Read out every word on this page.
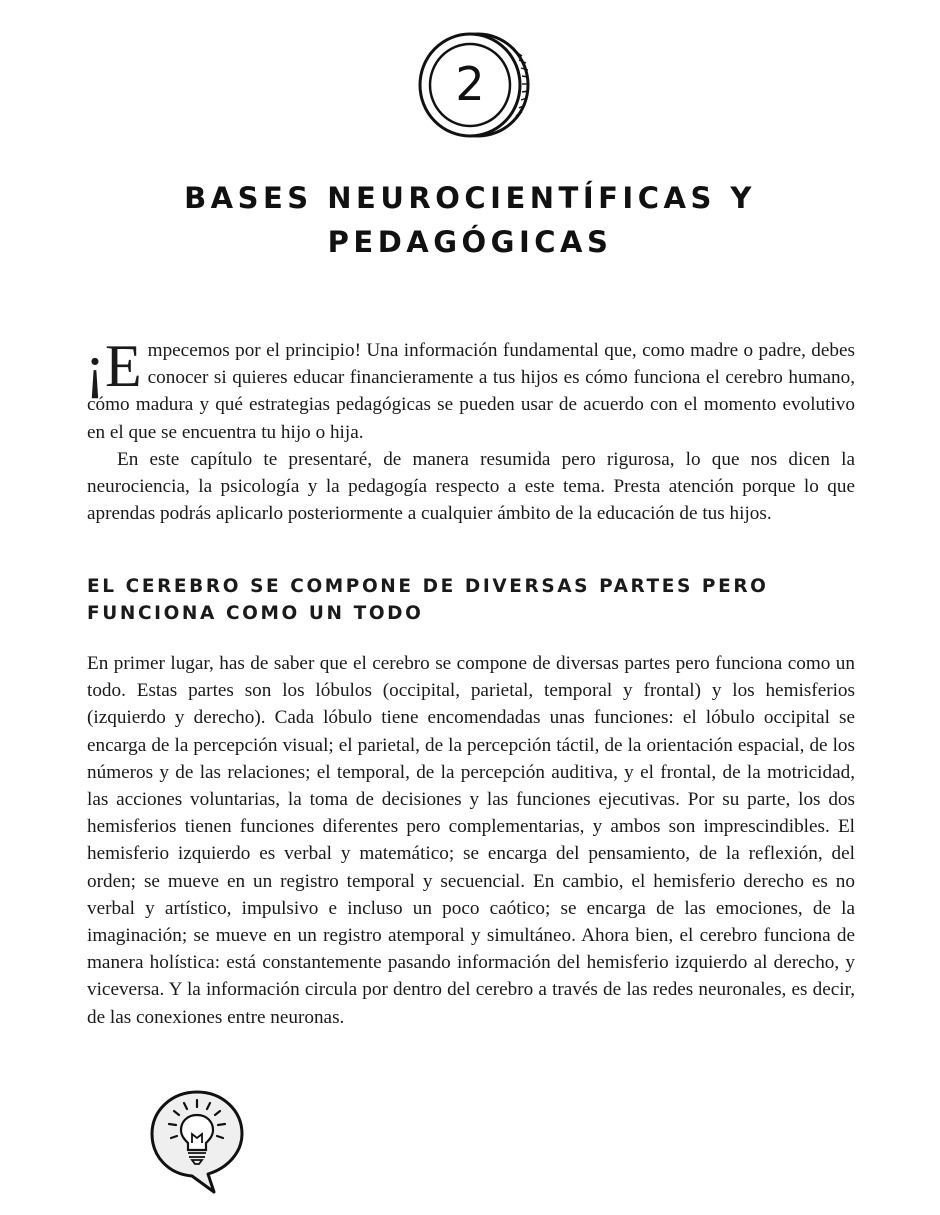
2
BASES NEUROCIENTÍFICAS Y
PEDAGÓGICAS

¡E mpecemos por el principio! Una información fundamental que, como madre o padre, debes conocer si quieres educar financieramente a tus hijos es cómo funciona el cerebro humano, cómo madura y qué estrategias pedagógicas se pueden usar de acuerdo con el momento evolutivo en el que se encuentra tu hijo o hija.

En este capítulo te presentaré, de manera resumida pero rigurosa, lo que nos dicen la neurociencia, la psicología y la pedagogía respecto a este tema. Presta atención porque lo que aprendas podrás aplicarlo posteriormente a cualquier ámbito de la educación de tus hijos.

EL CEREBRO SE COMPONE DE DIVERSAS PARTES PERO
FUNCIONA COMO UN TODO

En primer lugar, has de saber que el cerebro se compone de diversas partes pero funciona como un todo. Estas partes son los lóbulos (occipital, parietal, temporal y frontal) y los hemisferios (izquierdo y derecho). Cada lóbulo tiene encomendadas unas funciones: el lóbulo occipital se encarga de la percepción visual; el parietal, de la percepción táctil, de la orientación espacial, de los números y de las relaciones; el temporal, de la percepción auditiva, y el frontal, de la motricidad, las acciones voluntarias, la toma de decisiones y las funciones ejecutivas. Por su parte, los dos hemisferios tienen funciones diferentes pero complementarias, y ambos son imprescindibles. El hemisferio izquierdo es verbal y matemático; se encarga del pensamiento, de la reflexión, del orden; se mueve en un registro temporal y secuencial. En cambio, el hemisferio derecho es no verbal y artístico, impulsivo e incluso un poco caótico; se encarga de las emociones, de la imaginación; se mueve en un registro atemporal y simultáneo. Ahora bien, el cerebro funciona de manera holística: está constantemente pasando información del hemisferio izquierdo al derecho, y viceversa. Y la información circula por dentro del cerebro a través de las redes neuronales, es decir, de las conexiones entre neuronas.
